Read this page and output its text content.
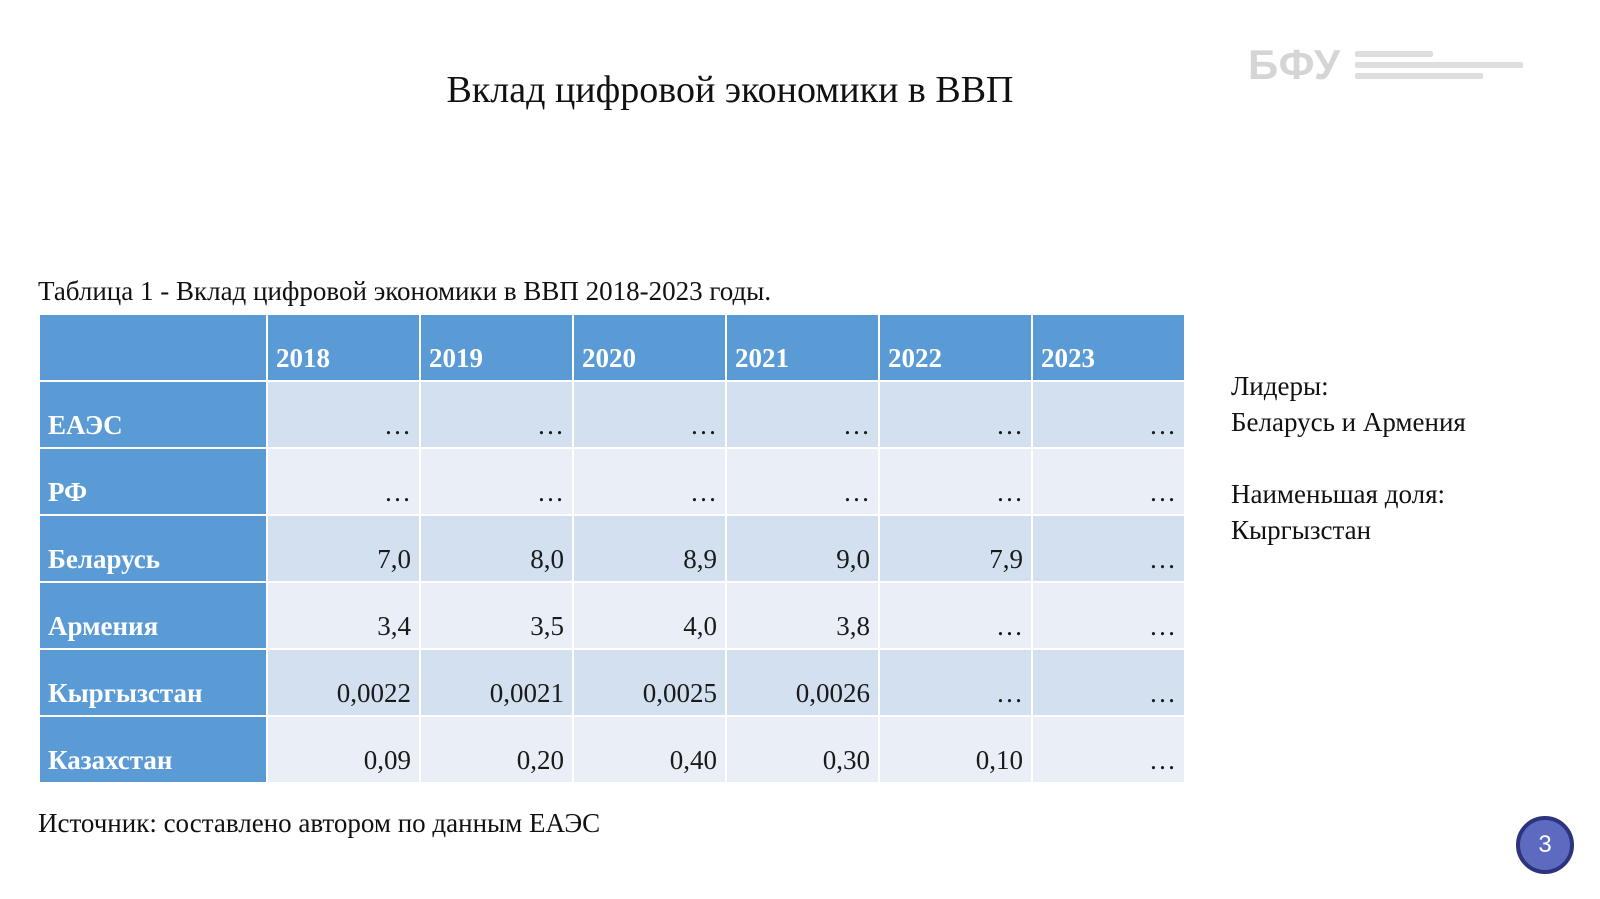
Вклад цифровой экономики в ВВП
БФУ
Таблица 1 - Вклад цифровой экономики в ВВП 2018-2023 годы.
	2018	2019	2020	2021	2022	2023
ЕАЭС	…	…	…	…	…	…
РФ	…	…	…	…	…	…
Беларусь	7,0	8,0	8,9	9,0	7,9	…
Армения	3,4	3,5	4,0	3,8	…	…
Кыргызстан	0,0022	0,0021	0,0025	0,0026	…	…
Казахстан	0,09	0,20	0,40	0,30	0,10	…
Источник: составлено автором по данным ЕАЭС
Лидеры:
Беларусь и Армения
Наименьшая доля:
Кыргызстан
3
